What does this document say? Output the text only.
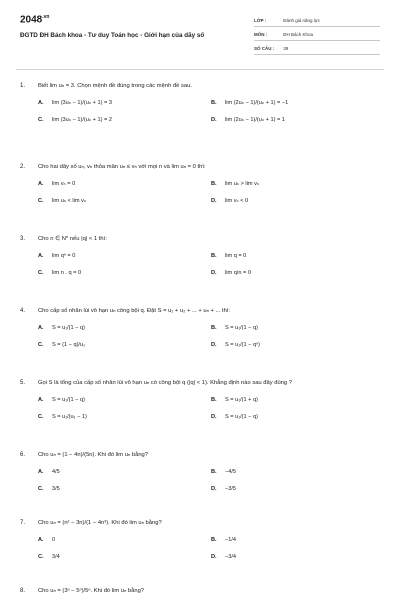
$2048^{.vn}$
ĐGTD ĐH Bách khoa - Tư duy Toán học - Giới hạn của dãy số
LỚP :	Đánh giá năng lực
MÔN :	ĐH Bách Khoa
SỐ CÂU : 39
1. Biết lim uₙ = 3. Chọn mệnh đề đúng trong các mệnh đề sau.
A. lim (3uₙ − 1)/(uₙ + 1) = 3	B. lim (2uₙ − 1)/(uₙ + 1) = −1
C. lim (3uₙ − 1)/(uₙ + 1) = 2	D. lim (2uₙ − 1)/(uₙ + 1) = 1
2. Cho hai dãy số uₙ, vₙ thỏa mãn uₙ ≤ vₙ với mọi n và lim uₙ = 0 thì:
A. lim vₙ = 0	B. lim uₙ > lim vₙ
C. lim uₙ < lim vₙ	D. lim vₙ < 0
3. Cho n ∈ N* nếu |q| < 1 thì:
A. lim qⁿ = 0	B. lim q = 0
C. lim n . q = 0	D. lim q/n = 0
4. Cho cấp số nhân lùi vô hạn uₙ công bội q. Đặt S = u₁ + u₂ + ... + uₙ + ... thì:
A. S = u₁/(1 − q)	B. S = u₁/(1 − q)
C. S = (1 − q)/u₁	D. S = u₁/(1 − qⁿ)
5. Gọi S là tổng của cấp số nhân lùi vô hạn uₙ có công bội q (|q| < 1). Khẳng định nào sau đây đúng ?
A. S = u₁/(1 − q)	B. S = u₁/(1 + q)
C. S = u₁/(u₁ − 1)	D. S = u₁/(1 − q)
6. Cho uₙ = (1 − 4n)/(5n). Khi đó lim uₙ bằng?
A. 4/5	B. −4/5
C. 3/5	D. −3/5
7. Cho uₙ = (n² − 3n)/(1 − 4n³). Khi đó lim uₙ bằng?
A. 0	B. −1/4
C. 3/4	D. −3/4
8. Cho uₙ = (3ⁿ − 5ⁿ)/5ⁿ. Khi đó lim uₙ bằng?
